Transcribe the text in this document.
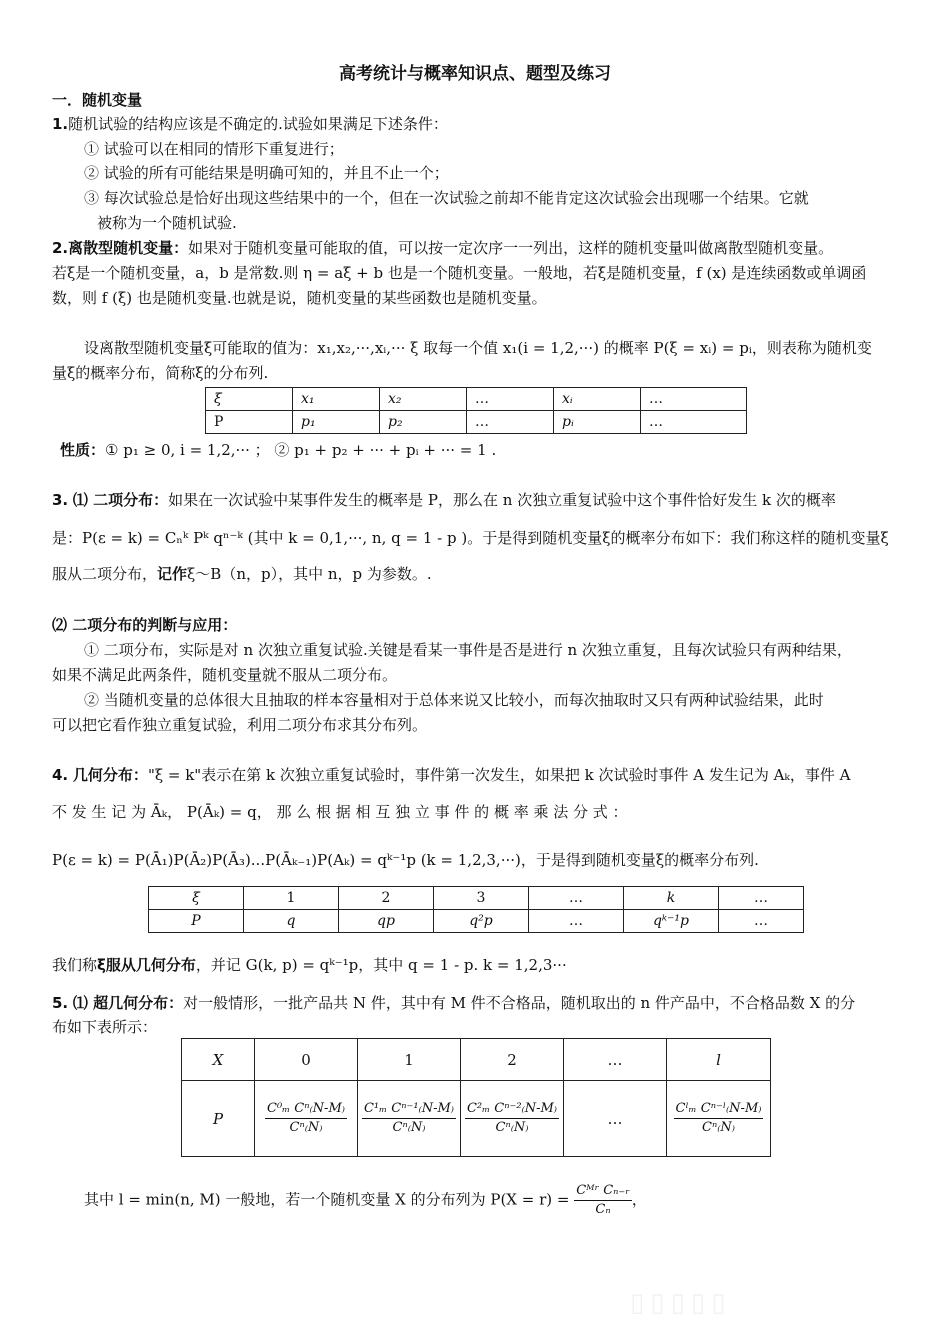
高考统计与概率知识点、题型及练习
一．随机变量
1.随机试验的结构应该是不确定的.试验如果满足下述条件：
① 试验可以在相同的情形下重复进行；
② 试验的所有可能结果是明确可知的，并且不止一个；
③ 每次试验总是恰好出现这些结果中的一个，但在一次试验之前却不能肯定这次试验会出现哪一个结果。它就
被称为一个随机试验.
2.离散型随机变量：如果对于随机变量可能取的值，可以按一定次序一一列出，这样的随机变量叫做离散型随机变量。
若ξ是一个随机变量，a，b 是常数.则 η = aξ + b 也是一个随机变量。一般地，若ξ是随机变量，f (x) 是连续函数或单调函
数，则 f (ξ) 也是随机变量.也就是说，随机变量的某些函数也是随机变量。
设离散型随机变量ξ可能取的值为：x₁,x₂,···,xᵢ,··· ξ 取每一个值 x₁(i = 1,2,···) 的概率 P(ξ = xᵢ) = pᵢ，则表称为随机变
量ξ的概率分布，简称ξ的分布列.
ξ	x₁	x₂	…	xᵢ	…
P	p₁	p₂	…	pᵢ	…
性质：① p₁ ≥ 0, i = 1,2,··· ； ② p₁ + p₂ + ··· + pᵢ + ··· = 1 .
3. ⑴ 二项分布：如果在一次试验中某事件发生的概率是 P，那么在 n 次独立重复试验中这个事件恰好发生 k 次的概率
是：P(ε = k) = Cₙᵏ Pᵏ qⁿ⁻ᵏ (其中 k = 0,1,···, n, q = 1 - p )。于是得到随机变量ξ的概率分布如下：我们称这样的随机变量ξ
服从二项分布，记作ξ～B（n，p），其中 n，p 为参数。.
⑵ 二项分布的判断与应用：
① 二项分布，实际是对 n 次独立重复试验.关键是看某一事件是否是进行 n 次独立重复，且每次试验只有两种结果，
如果不满足此两条件，随机变量就不服从二项分布。
② 当随机变量的总体很大且抽取的样本容量相对于总体来说又比较小，而每次抽取时又只有两种试验结果，此时
可以把它看作独立重复试验，利用二项分布求其分布列。
4. 几何分布："ξ = k"表示在第 k 次独立重复试验时，事件第一次发生，如果把 k 次试验时事件 A 发生记为 Aₖ，事件 A
不 发 生 记 为 Āₖ， P(Āₖ) = q， 那 么 根 据 相 互 独 立 事 件 的 概 率 乘 法 分 式 ：
P(ε = k) = P(Ā₁)P(Ā₂)P(Ā₃)...P(Āₖ₋₁)P(Aₖ) = qᵏ⁻¹p (k = 1,2,3,···)，于是得到随机变量ξ的概率分布列.
ξ	1	2	3	…	k	…
P	q	qp	q²p	…	qᵏ⁻¹p	…
我们称ξ服从几何分布，并记 G(k, p) = qᵏ⁻¹p，其中 q = 1 - p. k = 1,2,3···
5. ⑴ 超几何分布：对一般情形，一批产品共 N 件，其中有 M 件不合格品，随机取出的 n 件产品中，不合格品数 X 的分
布如下表所示：
X	0	1	2	…	l
P	$\frac{\text{C⁰ₘ Cⁿ₍N-M₎}}{\text{Cⁿ₍N₎}}$	$\frac{\text{C¹ₘ Cⁿ⁻¹₍N-M₎}}{\text{Cⁿ₍N₎}}$	$\frac{\text{C²ₘ Cⁿ⁻²₍N-M₎}}{\text{Cⁿ₍N₎}}$	…	$\frac{\text{Cˡₘ Cⁿ⁻ˡ₍N-M₎}}{\text{Cⁿ₍N₎}}$
其中 l = min(n, M) 一般地，若一个随机变量 X 的分布列为 $P(X = r) = \frac{\text{Cᴹʳ Cₙ₋ᵣ}}{\text{Cₙ}}$ ，
▯▯▯▯▯
